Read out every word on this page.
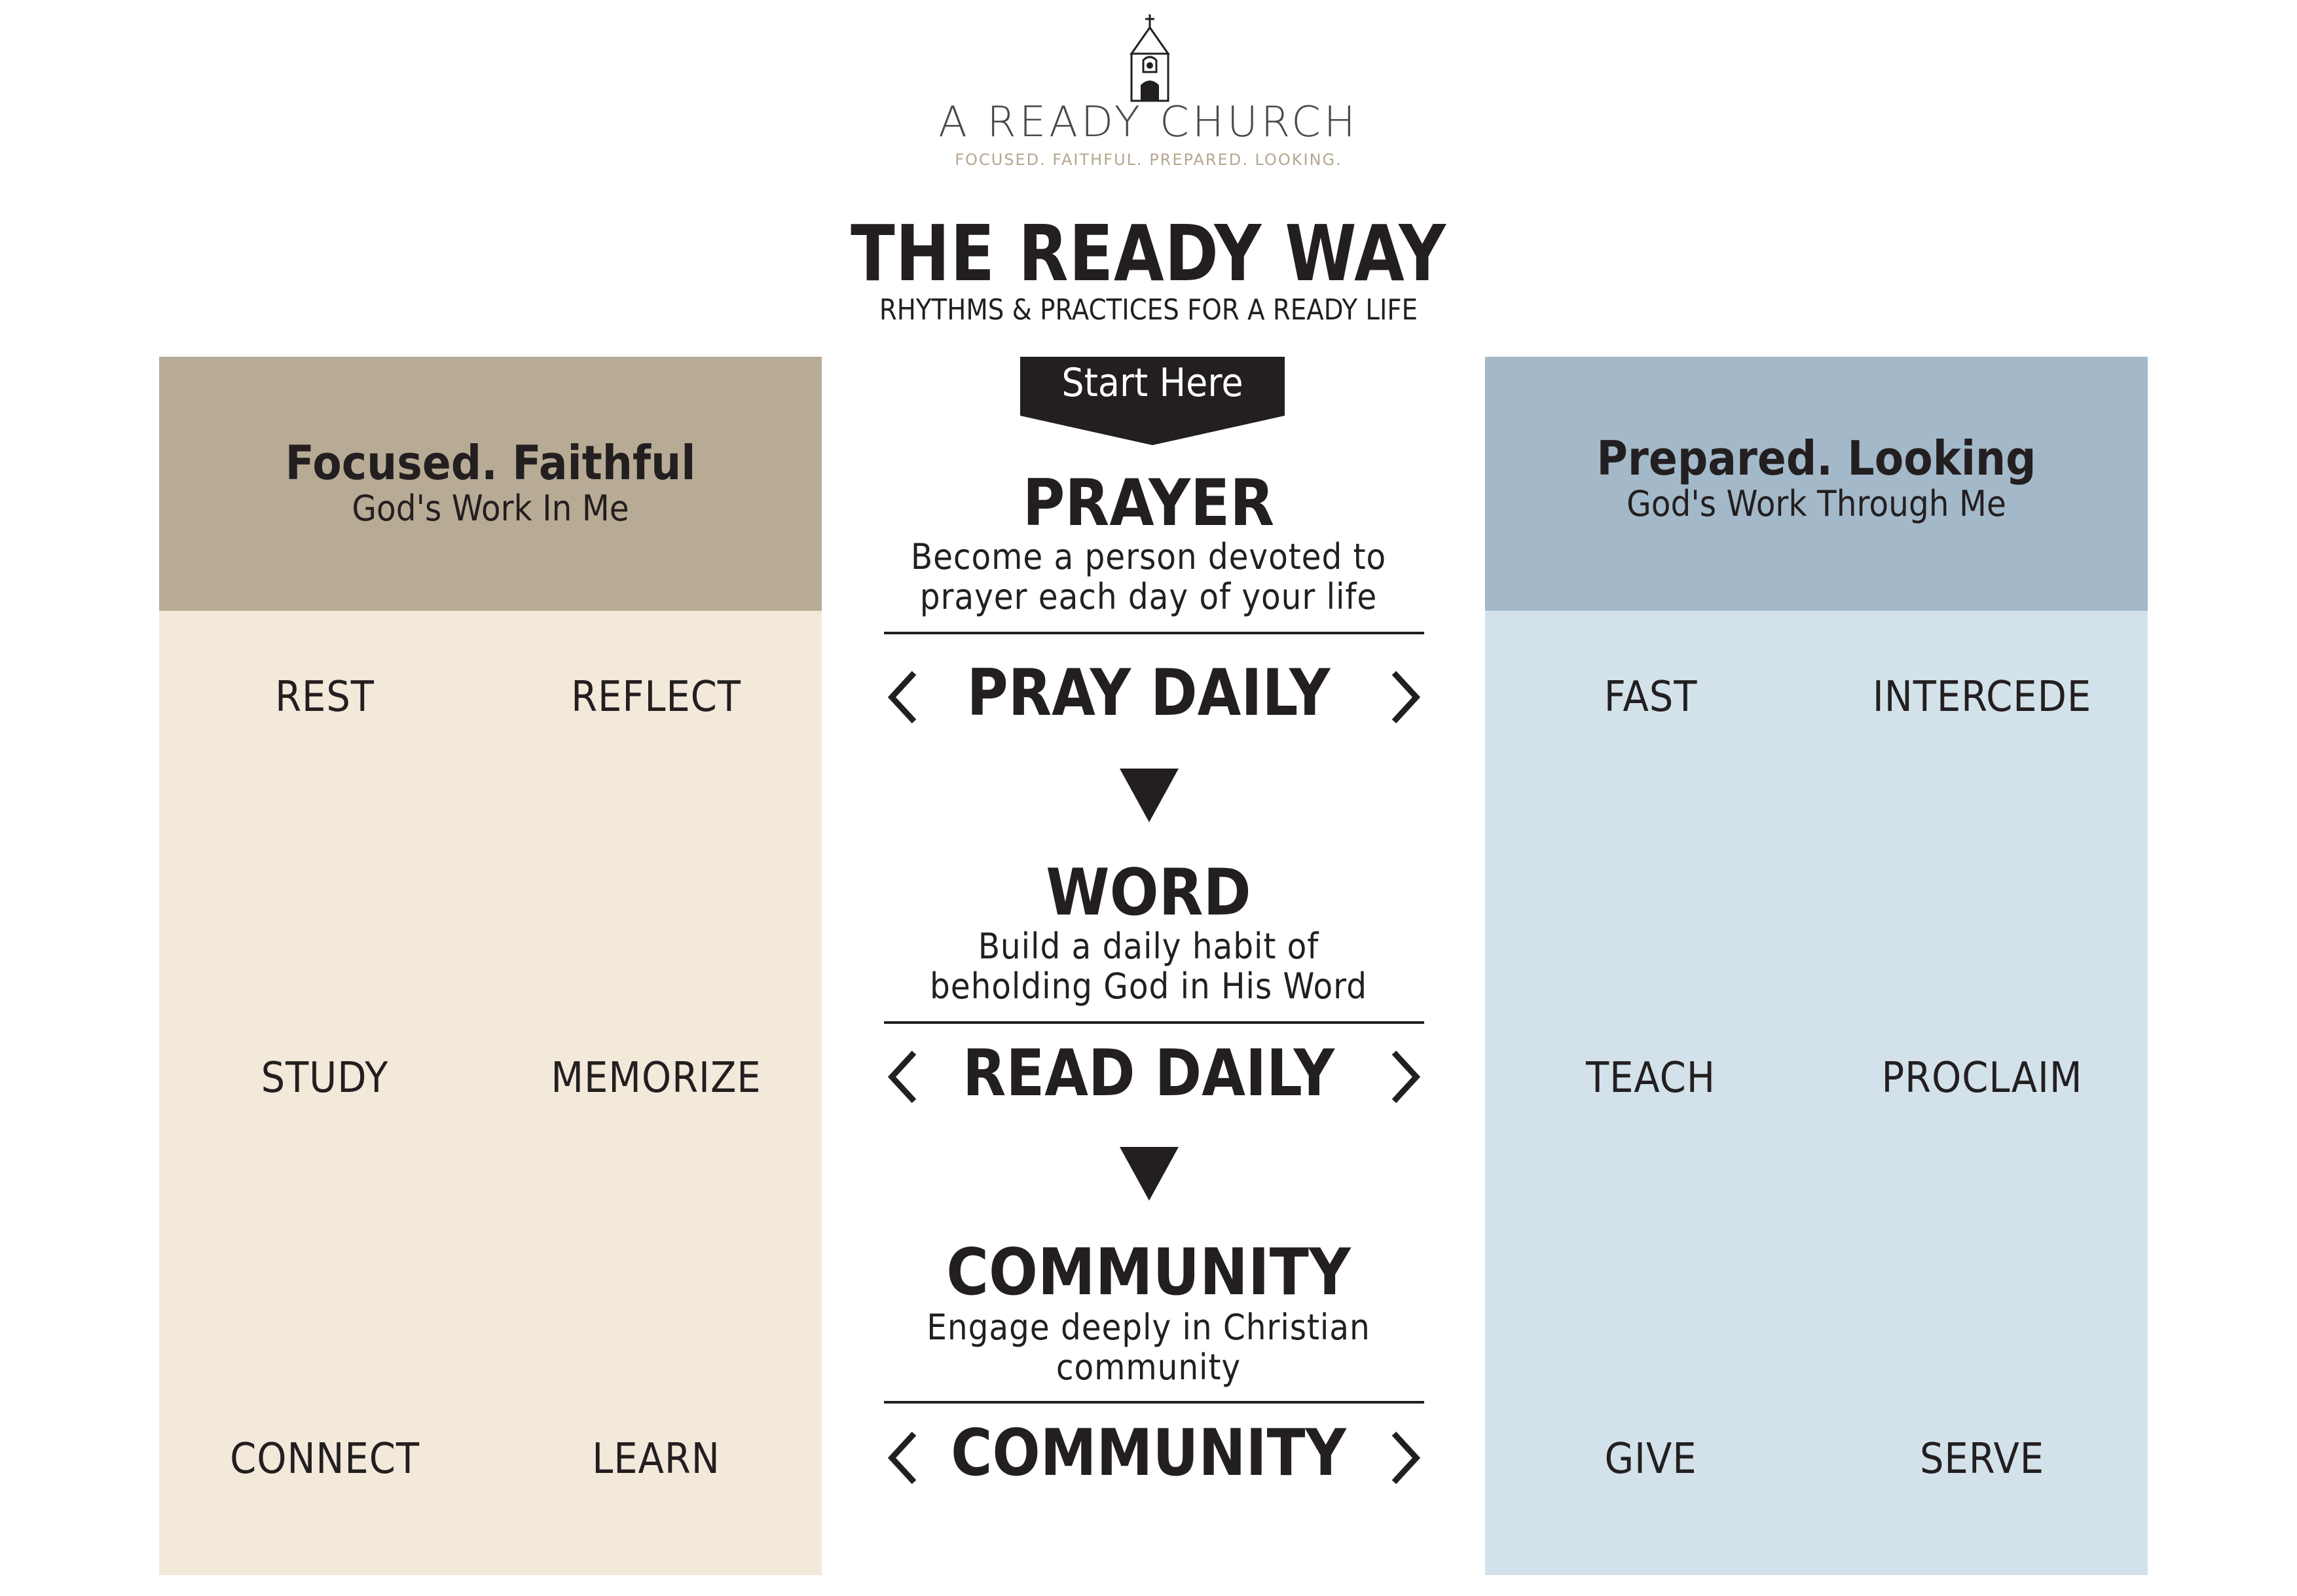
A READY CHURCH
FOCUSED. FAITHFUL. PREPARED. LOOKING.
THE READY WAY
RHYTHMS & PRACTICES FOR A READY LIFE
Focused. Faithful
God's Work In Me
REST	REFLECT
STUDY	MEMORIZE
CONNECT	LEARN
Prepared. Looking
God's Work Through Me
FAST	INTERCEDE
TEACH	PROCLAIM
GIVE	SERVE
Start Here
PRAYER
Become a person devoted to
prayer each day of your life
PRAY DAILY
WORD
Build a daily habit of
beholding God in His Word
READ DAILY
COMMUNITY
Engage deeply in Christian
community
COMMUNITY
